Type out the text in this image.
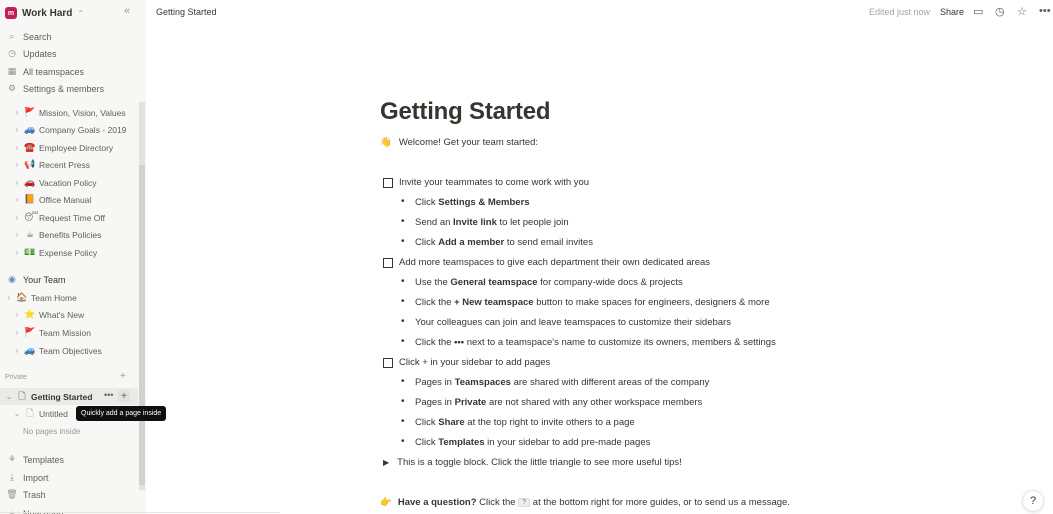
m Work Hard ⌃	«
⌕ Search
◷ Updates
▦ All teamspaces
⚙ Settings & members
› 🚩 Mission, Vision, Values
› 🚙 Company Goals - 2019
› ☎️ Employee Directory
› 📢 Recent Press
› 🚗 Vacation Policy
› 📙 Office Manual
› 😴 Request Time Off
› ☕ Benefits Policies
› 💵 Expense Policy
◉ Your Team
› 🏠 Team Home
› ⭐ What's New
› 🚩 Team Mission
› 🚙 Team Objectives
Private	+
⌄ 🗋 Getting Started ••• +
⌄ 🗋 Untitled
No pages inside
⚘ Templates
⤓	Import
🗑 Trash
Quickly add a page inside
Getting Started	Edited just now Share ▭ ◷ ☆ •••
Getting Started
👋 Welcome! Get your team started:
Invite your teammates to come work with you
• Click Settings & Members
• Send an Invite link to let people join
• Click Add a member to send email invites
Add more teamspaces to give each department their own dedicated areas
• Use the General teamspace for company-wide docs & projects
• Click the + New teamspace button to make spaces for engineers, designers & more
• Your colleagues can join and leave teamspaces to customize their sidebars
• Click the ••• next to a teamspace's name to customize its owners, members & settings
Click + in your sidebar to add pages
• Pages in Teamspaces are shared with different areas of the company
• Pages in Private are not shared with any other workspace members
• Click Share at the top right to invite others to a page
• Click Templates in your sidebar to add pre-made pages
▶ This is a toggle block. Click the little triangle to see more useful tips!
👉 Have a question? Click the ? at the bottom right for more guides, or to send us a message.	?
